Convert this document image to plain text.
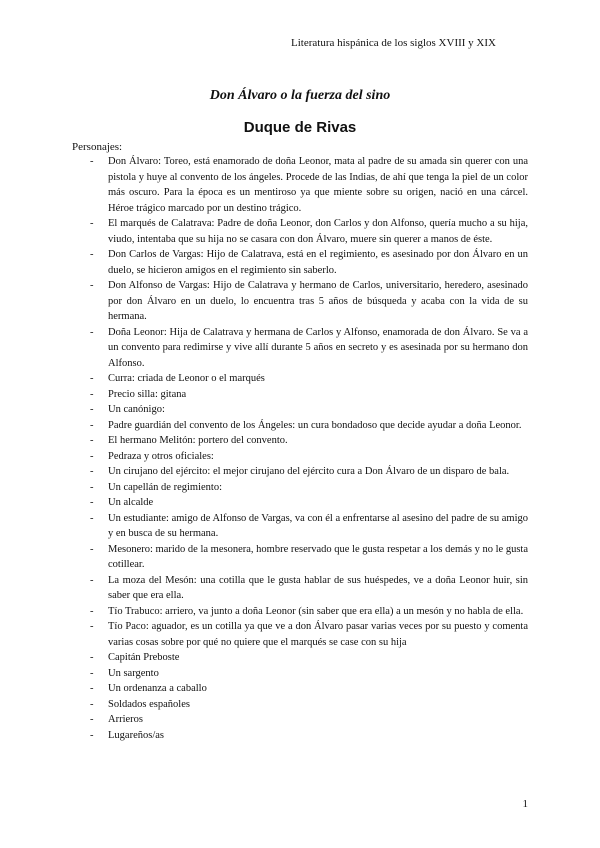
Literatura hispánica de los siglos XVIII y XIX
Don Álvaro o la fuerza del sino
Duque de Rivas
Personajes:
- Don Álvaro: Toreo, está enamorado de doña Leonor, mata al padre de su amada sin querer con una pistola y huye al convento de los ángeles. Procede de las Indias, de ahí que tenga la piel de un color más oscuro. Para la época es un mentiroso ya que miente sobre su origen, nació en una cárcel. Héroe trágico marcado por un destino trágico.
- El marqués de Calatrava: Padre de doña Leonor, don Carlos y don Alfonso, quería mucho a su hija, viudo, intentaba que su hija no se casara con don Álvaro, muere sin querer a manos de éste.
- Don Carlos de Vargas: Hijo de Calatrava, está en el regimiento, es asesinado por don Álvaro en un duelo, se hicieron amigos en el regimiento sin saberlo.
- Don Alfonso de Vargas: Hijo de Calatrava y hermano de Carlos, universitario, heredero, asesinado por don Álvaro en un duelo, lo encuentra tras 5 años de búsqueda y acaba con la vida de su hermana.
- Doña Leonor: Hija de Calatrava y hermana de Carlos y Alfonso, enamorada de don Álvaro. Se va a un convento para redimirse y vive allí durante 5 años en secreto y es asesinada por su hermano don Alfonso.
- Curra: criada de Leonor o el marqués
- Precio silla: gitana
- Un canónigo:
- Padre guardián del convento de los Ángeles: un cura bondadoso que decide ayudar a doña Leonor.
- El hermano Melitón: portero del convento.
- Pedraza y otros oficiales:
- Un cirujano del ejército: el mejor cirujano del ejército cura a Don Álvaro de un disparo de bala.
- Un capellán de regimiento:
- Un alcalde
- Un estudiante: amigo de Alfonso de Vargas, va con él a enfrentarse al asesino del padre de su amigo y en busca de su hermana.
- Mesonero: marido de la mesonera, hombre reservado que le gusta respetar a los demás y no le gusta cotillear.
- La moza del Mesón: una cotilla que le gusta hablar de sus huéspedes, ve a doña Leonor huir, sin saber que era ella.
- Tío Trabuco: arriero, va junto a doña Leonor (sin saber que era ella) a un mesón y no habla de ella.
- Tío Paco: aguador, es un cotilla ya que ve a don Álvaro pasar varias veces por su puesto y comenta varias cosas sobre por qué no quiere que el marqués se case con su hija
- Capitán Preboste
- Un sargento
- Un ordenanza a caballo
- Soldados españoles
- Arrieros
- Lugareños/as
1
